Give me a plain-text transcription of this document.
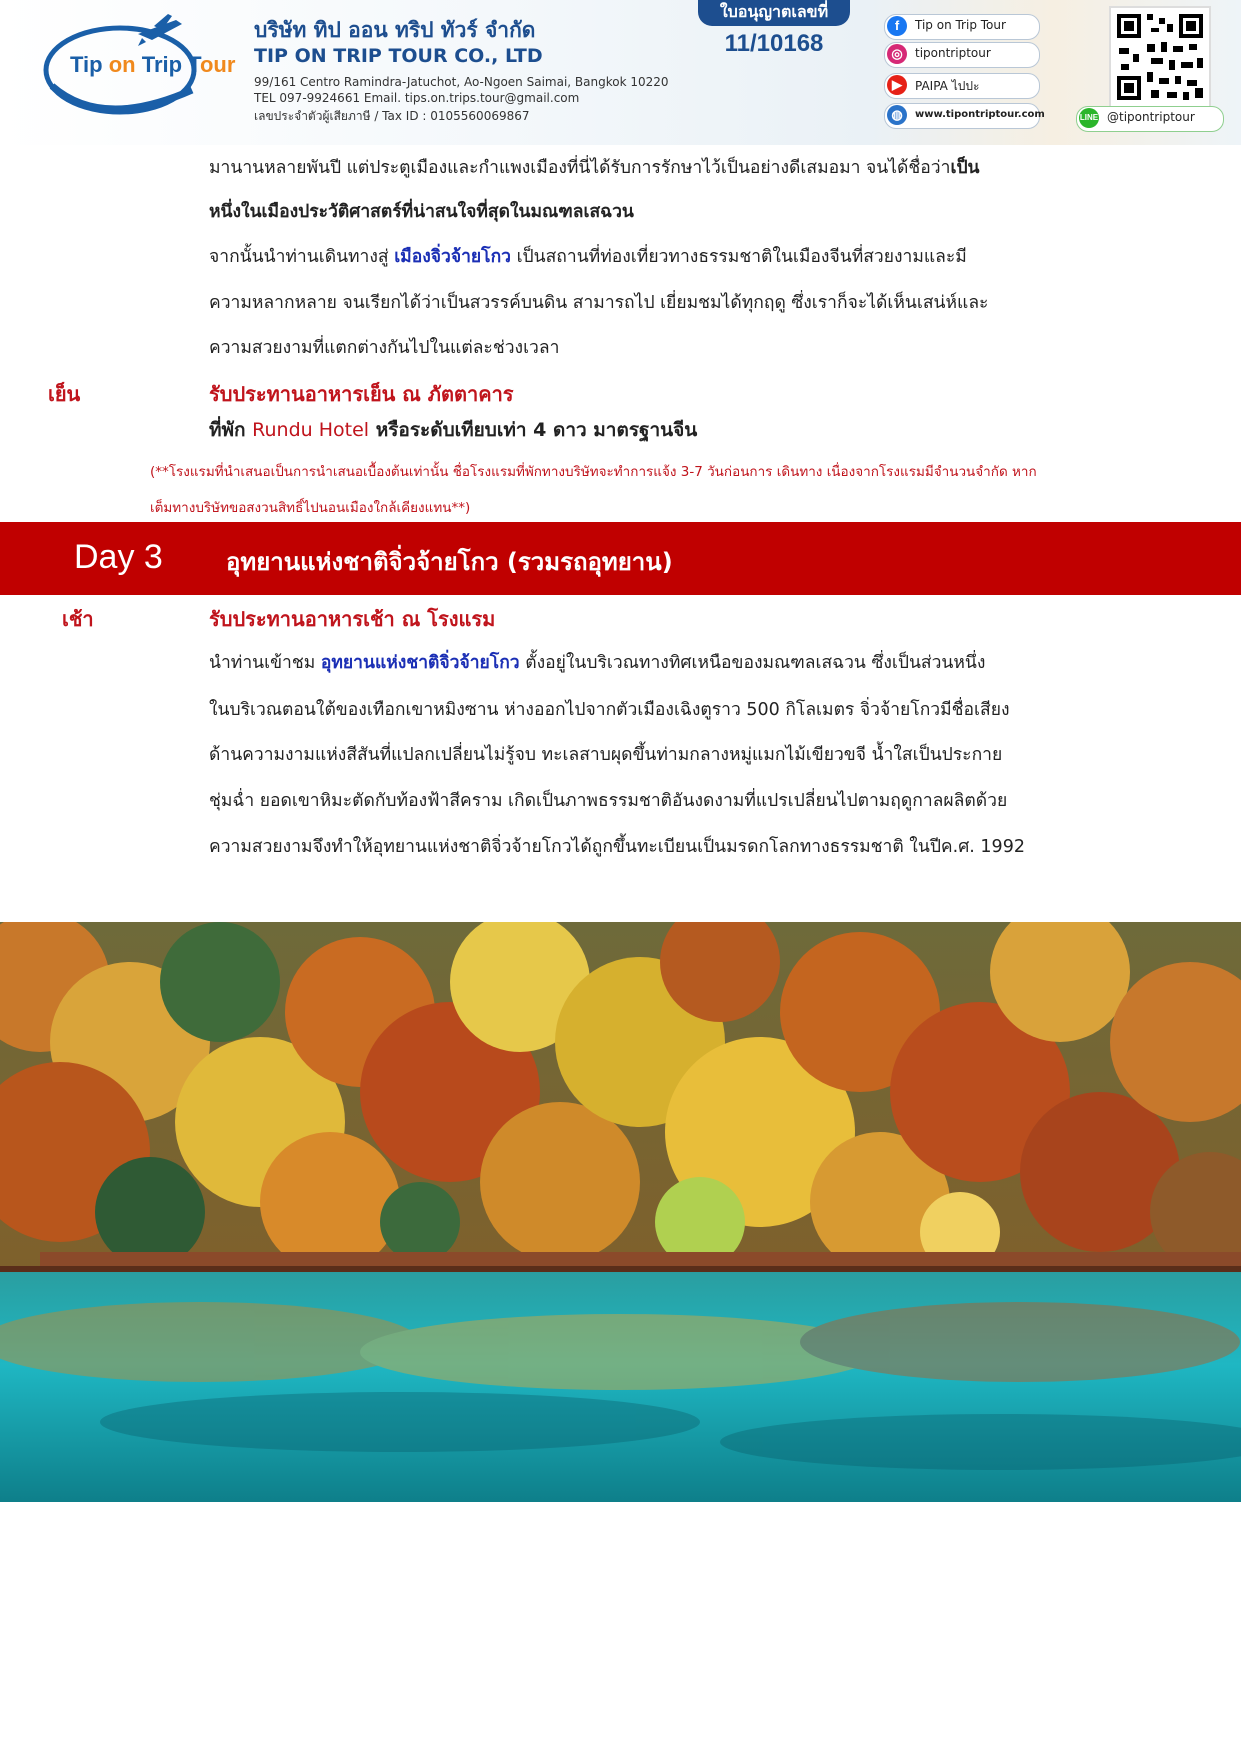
Tip on Trip Tour
บริษัท ทิป ออน ทริป ทัวร์ จำกัด
TIP ON TRIP TOUR CO., LTD
99/161 Centro Ramindra-Jatuchot, Ao-Ngoen Saimai, Bangkok 10220
TEL 097-9924661 Email. tips.on.trips.tour@gmail.com
เลขประจำตัวผู้เสียภาษี / Tax ID : 0105560069867
ใบอนุญาตเลขที่
11/10168
f	Tip on Trip Tour
◎	tipontriptour
▶	PAIPA ไปปะ
◍	www.tipontriptour.com	LINE @tipontriptour
มานานหลายพันปี แต่ประตูเมืองและกำแพงเมืองที่นี่ได้รับการรักษาไว้เป็นอย่างดีเสมอมา จนได้ชื่อว่าเป็น
หนึ่งในเมืองประวัติศาสตร์ที่น่าสนใจที่สุดในมณฑลเสฉวน
จากนั้นนำท่านเดินทางสู่ เมืองจิ่วจ้ายโกว เป็นสถานที่ท่องเที่ยวทางธรรมชาติในเมืองจีนที่สวยงามและมี
ความหลากหลาย จนเรียกได้ว่าเป็นสวรรค์บนดิน สามารถไป เยี่ยมชมได้ทุกฤดู ซึ่งเราก็จะได้เห็นเสน่ห์และ
ความสวยงามที่แตกต่างกันไปในแต่ละช่วงเวลา
เย็น	รับประทานอาหารเย็น ณ ภัตตาคาร
ที่พัก Rundu Hotel หรือระดับเทียบเท่า 4 ดาว มาตรฐานจีน
(**โรงแรมที่นำเสนอเป็นการนำเสนอเบื้องต้นเท่านั้น ชื่อโรงแรมที่พักทางบริษัทจะทำการแจ้ง 3-7 วันก่อนการ เดินทาง เนื่องจากโรงแรมมีจำนวนจำกัด หาก
เต็มทางบริษัทขอสงวนสิทธิ์ไปนอนเมืองใกล้เคียงแทน**)
Day 3	อุทยานแห่งชาติจิ่วจ้ายโกว (รวมรถอุทยาน)
เช้า	รับประทานอาหารเช้า ณ โรงแรม
นำท่านเข้าชม อุทยานแห่งชาติจิ่วจ้ายโกว ตั้งอยู่ในบริเวณทางทิศเหนือของมณฑลเสฉวน ซึ่งเป็นส่วนหนึ่ง
ในบริเวณตอนใต้ของเทือกเขาหมิงซาน ห่างออกไปจากตัวเมืองเฉิงตูราว 500 กิโลเมตร จิ่วจ้ายโกวมีชื่อเสียง
ด้านความงามแห่งสีสันที่แปลกเปลี่ยนไม่รู้จบ ทะเลสาบผุดขึ้นท่ามกลางหมู่แมกไม้เขียวขจี น้ำใสเป็นประกาย
ชุ่มฉ่ำ ยอดเขาหิมะตัดกับท้องฟ้าสีคราม เกิดเป็นภาพธรรมชาติอันงดงามที่แปรเปลี่ยนไปตามฤดูกาลผลิตด้วย
ความสวยงามจึงทำให้อุทยานแห่งชาติจิ่วจ้ายโกวได้ถูกขึ้นทะเบียนเป็นมรดกโลกทางธรรมชาติ ในปีค.ศ. 1992
